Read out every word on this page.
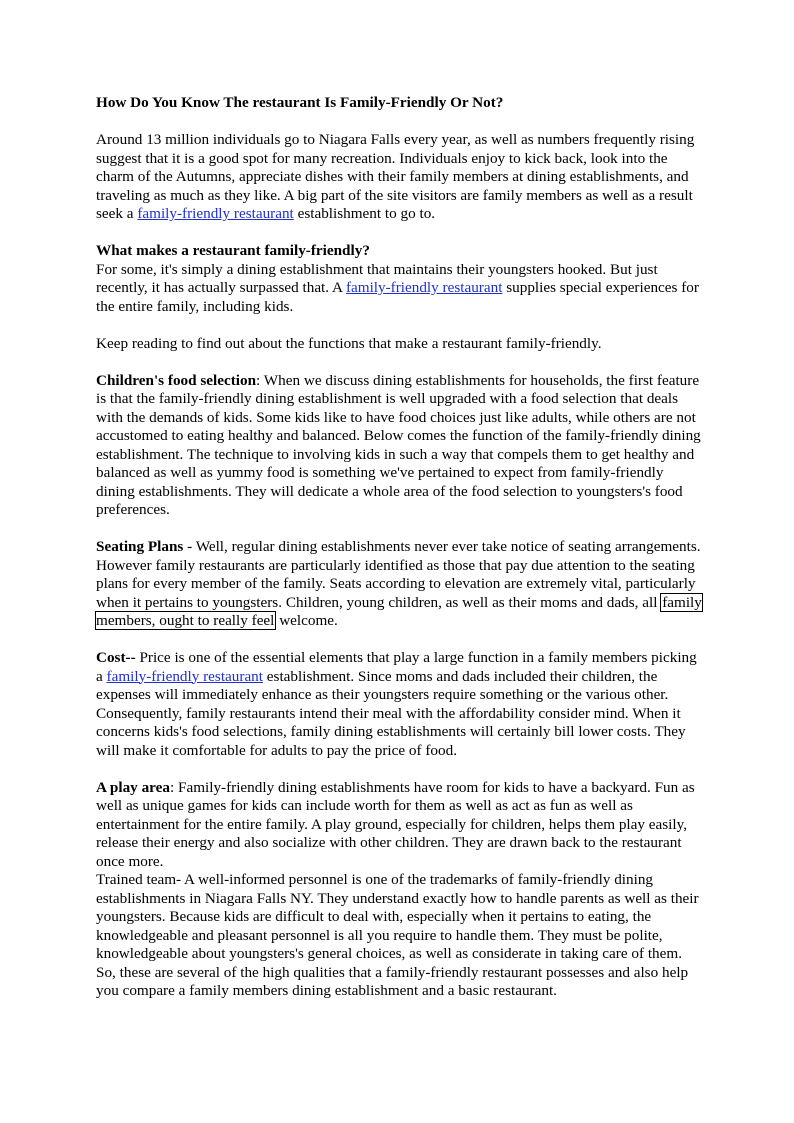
How Do You Know The restaurant Is Family-Friendly Or Not?

Around 13 million individuals go to Niagara Falls every year, as well as numbers frequently rising suggest that it is a good spot for many recreation. Individuals enjoy to kick back, look into the charm of the Autumns, appreciate dishes with their family members at dining establishments, and traveling as much as they like. A big part of the site visitors are family members as well as a result seek a family-friendly restaurant establishment to go to.

What makes a restaurant family-friendly?

For some, it's simply a dining establishment that maintains their youngsters hooked. But just recently, it has actually surpassed that. A family-friendly restaurant supplies special experiences for the entire family, including kids.

Keep reading to find out about the functions that make a restaurant family-friendly.

Children's food selection: When we discuss dining establishments for households, the first feature is that the family-friendly dining establishment is well upgraded with a food selection that deals with the demands of kids. Some kids like to have food choices just like adults, while others are not accustomed to eating healthy and balanced. Below comes the function of the family-friendly dining establishment. The technique to involving kids in such a way that compels them to get healthy and balanced as well as yummy food is something we've pertained to expect from family-friendly dining establishments. They will dedicate a whole area of the food selection to youngsters's food preferences.

Seating Plans - Well, regular dining establishments never ever take notice of seating arrangements. However family restaurants are particularly identified as those that pay due attention to the seating plans for every member of the family. Seats according to elevation are extremely vital, particularly when it pertains to youngsters. Children, young children, as well as their moms and dads, all family members, ought to really feel welcome.

Cost-- Price is one of the essential elements that play a large function in a family members picking a family-friendly restaurant establishment. Since moms and dads included their children, the expenses will immediately enhance as their youngsters require something or the various other. Consequently, family restaurants intend their meal with the affordability consider mind. When it concerns kids's food selections, family dining establishments will certainly bill lower costs. They will make it comfortable for adults to pay the price of food.

A play area: Family-friendly dining establishments have room for kids to have a backyard. Fun as well as unique games for kids can include worth for them as well as act as fun as well as entertainment for the entire family. A play ground, especially for children, helps them play easily, release their energy and also socialize with other children. They are drawn back to the restaurant once more.

Trained team- A well-informed personnel is one of the trademarks of family-friendly dining establishments in Niagara Falls NY. They understand exactly how to handle parents as well as their youngsters. Because kids are difficult to deal with, especially when it pertains to eating, the knowledgeable and pleasant personnel is all you require to handle them. They must be polite, knowledgeable about youngsters's general choices, as well as considerate in taking care of them.

So, these are several of the high qualities that a family-friendly restaurant possesses and also help you compare a family members dining establishment and a basic restaurant.
